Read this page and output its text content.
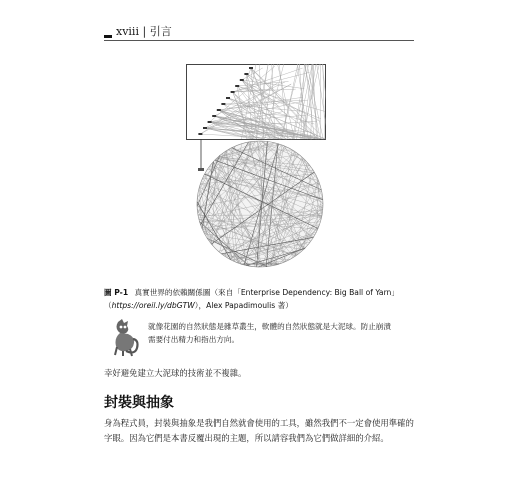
xviii | 引言
圖 P-1 真實世界的依賴關係圖（來自「Enterprise Dependency: Big Ball of Yarn」（https://oreil.ly/dbGTW），Alex Papadimoulis 著）
就像花園的自然狀態是雜草叢生，軟體的自然狀態就是大泥球。防止崩潰
需要付出精力和指出方向。
幸好避免建立大泥球的技術並不複雜。
封裝與抽象
身為程式員，封裝與抽象是我們自然就會使用的工具，雖然我們不一定會使用準確的字眼。因為它們是本書反覆出現的主題，所以請容我們為它們做詳細的介紹。
